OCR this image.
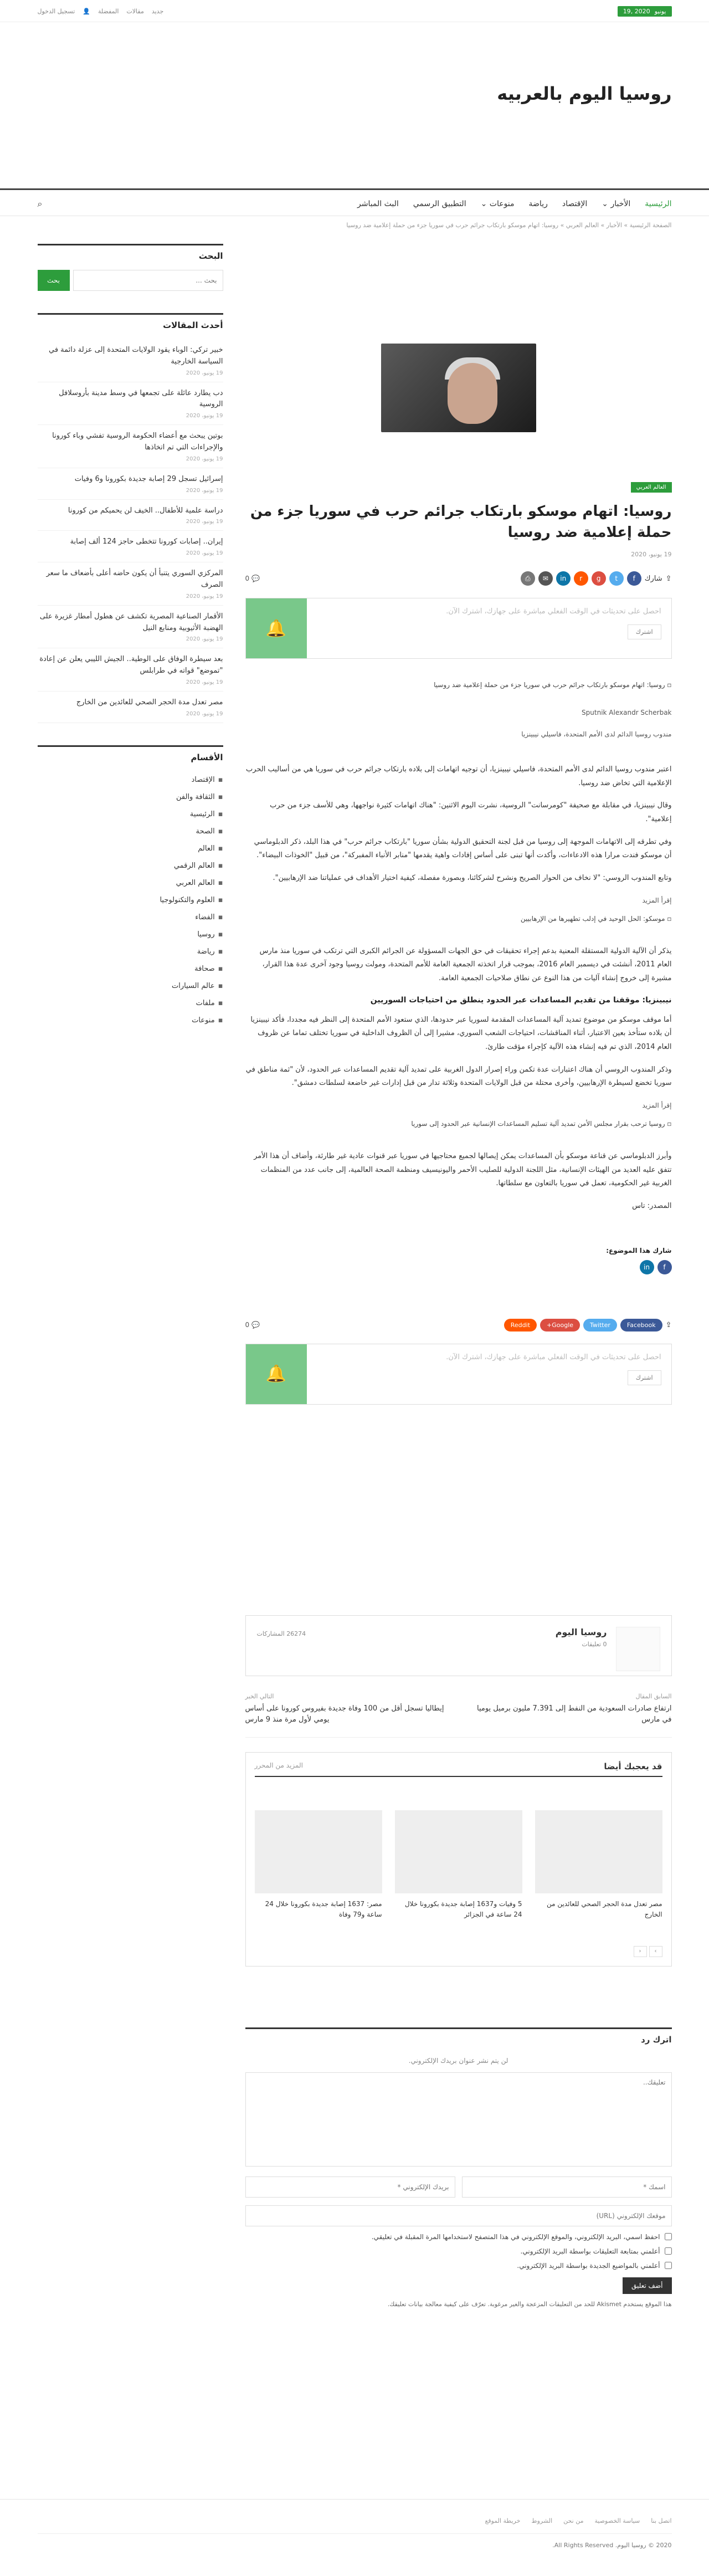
يونيو
2020 ,19
جديد
مقالات
المفضلة
👤
تسجيل الدخول
روسيا اليوم بالعربيه
الرئيسية
الأخبار ⌄
الإقتصاد
رياضة
منوعات ⌄
التطبيق الرسمي
البث المباشر
⌕
الصفحة الرئيسية » الأخبار » العالم العربي » روسيا: اتهام موسكو بارتكاب جرائم حرب في سوريا جزء من حملة إعلامية ضد روسيا
العالم العربي
روسيا: اتهام موسكو بارتكاب جرائم حرب في سوريا جزء من حملة إعلامية ضد روسيا
19 يونيو، 2020
⇪
شارك
f
t
g
r
in
✉
⎙
💬 0
احصل على تحديثات في الوقت الفعلي مباشرة على جهازك، اشترك الآن.
اشترك
🔔
▫ روسيا: اتهام موسكو بارتكاب جرائم حرب في سوريا جزء من حملة إعلامية ضد روسيا

Sputnik Alexandr Scherbak

مندوب روسيا الدائم لدى الأمم المتحدة، فاسيلي نيبينزيا

اعتبر مندوب روسيا الدائم لدى الأمم المتحدة، فاسيلي نيبينزيا، أن توجيه اتهامات إلى بلاده بارتكاب جرائم حرب في سوريا هي من أساليب الحرب الإعلامية التي تخاض ضد روسيا.

وقال نيبينزيا، في مقابلة مع صحيفة "كومرسانت" الروسية، نشرت اليوم الاثنين: "هناك اتهامات كثيرة نواجهها، وهي للأسف جزء من حرب إعلامية".

وفي تطرقه إلى الاتهامات الموجهة إلى روسيا من قبل لجنة التحقيق الدولية بشأن سوريا "بارتكاب جرائم حرب" في هذا البلد، ذكر الدبلوماسي أن موسكو فندت مرارا هذه الادعاءات، وأكدت أنها تبنى على أساس إفادات واهية يقدمها "منابر الأنباء المفبركة"، من قبيل "الخوذات البيضاء".

وتابع المندوب الروسي: "لا نخاف من الحوار الصريح ونشرح لشركائنا، وبصورة مفصلة، كيفية اختيار الأهداف في عملياتنا ضد الإرهابيين".

إقرأ المزيد

▫ موسكو: الحل الوحيد في إدلب تطهيرها من الإرهابيين

يذكر أن الآلية الدولية المستقلة المعنية بدعم إجراء تحقيقات في حق الجهات المسؤولة عن الجرائم الكبرى التي ترتكب في سوريا منذ مارس العام 2011، أنشئت في ديسمبر العام 2016، بموجب قرار اتخذته الجمعية العامة للأمم المتحدة، ومولت روسيا وجود آخرى عدة هذا القرار، مشيرة إلى خروج إنشاء آليات من هذا النوع عن نطاق صلاحيات الجمعية العامة.

نيبينزيا: موقفنا من تقديم المساعدات عبر الحدود ينطلق من احتياجات السوريين

أما موقف موسكو من موضوع تمديد آلية المساعدات المقدمة لسوريا عبر حدودها، الذي ستعود الأمم المتحدة إلى النظر فيه مجددا، فأكد نيبينزيا أن بلاده ستأخذ بعين الاعتبار، أثناء المناقشات، احتياجات الشعب السوري، مشيرا إلى أن الظروف الداخلية في سوريا تختلف تماما عن ظروف العام 2014، الذي تم فيه إنشاء هذه الآلية كإجراء مؤقت طارئ.

وذكر المندوب الروسي أن هناك اعتبارات عدة تكمن وراء إصرار الدول الغربية على تمديد آلية تقديم المساعدات عبر الحدود، لأن "ثمة مناطق في سوريا تخضع لسيطرة الإرهابيين، وأخرى محتلة من قبل الولايات المتحدة وثلاثة تدار من قبل إدارات غير خاضعة لسلطات دمشق".

إقرأ المزيد

▫ روسيا ترحب بقرار مجلس الأمن تمديد آلية تسليم المساعدات الإنسانية عبر الحدود إلى سوريا

وأبرز الدبلوماسي عن قناعة موسكو بأن المساعدات يمكن إيصالها لجميع محتاجيها في سوريا عبر قنوات عادية غير طارئة، وأضاف أن هذا الأمر تتفق عليه العديد من الهيئات الإنسانية، مثل اللجنة الدولية للصليب الأحمر واليونيسيف ومنظمة الصحة العالمية، إلى جانب عدد من المنظمات الغربية غير الحكومية، تعمل في سوريا بالتعاون مع سلطاتها.

المصدر: تاس

شارك هذا الموضوع:
f
in
⇪
Facebook
Twitter
Google+
Reddit
💬 0
احصل على تحديثات في الوقت الفعلي مباشرة على جهازك، اشترك الآن.
اشترك
🔔
روسيا اليوم
0 تعليقات
26274 المشاركات
السابق المقال
ارتفاع صادرات السعودية من النفط إلى 7.391 مليون برميل يوميا في مارس
التالي الخبر
إيطاليا تسجل أقل من 100 وفاة جديدة بفيروس كورونا على أساس يومي لأول مرة منذ 9 مارس
قد يعجبك أيضا
المزيد من المحرر
مصر تعدل مدة الحجر الصحي للعائدين من الخارج
5 وفيات و1637 إصابة جديدة بكورونا خلال 24 ساعة في الجزائر
مصر: 1637 إصابة جديدة بكورونا خلال 24 ساعة و79 وفاة
›
‹
اترك رد
لن يتم نشر عنوان بريدك الإلكتروني.
تعليقك..
اسمك *
بريدك الإلكتروني *
موقعك الإلكتروني (URL)
احفظ اسمي، البريد الإلكتروني، والموقع الإلكتروني في هذا المتصفح لاستخدامها المرة المقبلة في تعليقي.
أعلمني بمتابعة التعليقات بواسطة البريد الإلكتروني.
أعلمني بالمواضيع الجديدة بواسطة البريد الإلكتروني.
أضف تعليق
هذا الموقع يستخدم Akismet للحد من التعليقات المزعجة والغير مرغوبة. تعرّف على كيفية معالجة بيانات تعليقك.
البحث
بحث ...
بحث
أحدث المقالات
خبير تركي: الوباء يقود الولايات المتحدة إلى عزلة دائمة في السياسة الخارجية
19 يونيو، 2020
دب يطارد عائلة على تجمعها في وسط مدينة بأروسلافل الروسية
19 يونيو، 2020
بوتين يبحث مع أعضاء الحكومة الروسية تفشي وباء كورونا والإجراءات التي تم اتخاذها
19 يونيو، 2020
إسرائيل تسجل 29 إصابة جديدة بكورونا و6 وفيات
19 يونيو، 2020
دراسة علمية للأطفال.. الخيف لن يحميكم من كورونا
19 يونيو، 2020
إيران.. إصابات كورونا تتخطى حاجز 124 ألف إصابة
19 يونيو، 2020
المركزي السوري يتنبأ أن يكون حاضه أعلى بأضعاف ما سعر الصرف
19 يونيو، 2020
الأقمار الصناعية المصرية تكشف عن هطول أمطار غزيرة على الهضبة الأثيوبية ومنابع النيل
19 يونيو، 2020
بعد سيطرة الوفاق على الوطية.. الجيش الليبي يعلن عن إعادة "تموضع" قواته في طرابلس
19 يونيو، 2020
مصر تعدل مدة الحجر الصحي للعائدين من الخارج
19 يونيو، 2020
الأقسام
▪
الإقتصاد
▪
الثقافة والفن
▪
الرئيسية
▪
الصحة
▪
العالم
▪
العالم الرقمي
▪
العالم العربي
▪
العلوم والتكنولوجيا
▪
الفضاء
▪
روسيا
▪
رياضة
▪
صحافة
▪
عالم السيارات
▪
ملفات
▪
منوعات
اتصل بنا
سياسة الخصوصية
من نحن
الشروط
خريطة الموقع
2020 © روسيا اليوم. All Rights Reserved.
